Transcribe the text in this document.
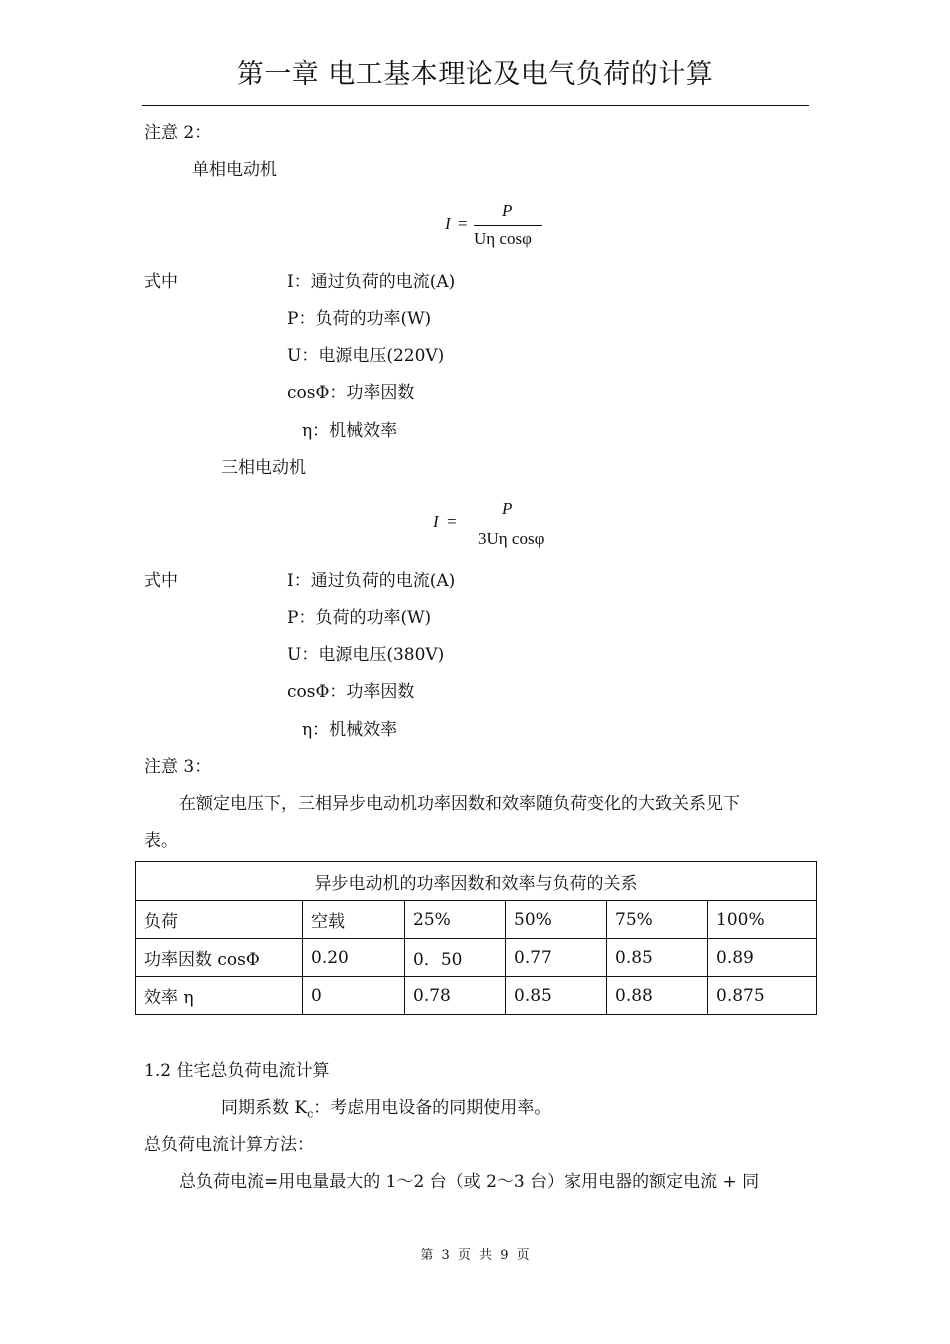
第一章 电工基本理论及电气负荷的计算
注意 2：
单相电动机
I =
P
Uη cosφ
式中	I：通过负荷的电流(A)
P：负荷的功率(W)
U：电源电压(220V)
cosΦ：功率因数
η：机械效率
三相电动机
I =
P
3Uη cosφ
式中	I：通过负荷的电流(A)
P：负荷的功率(W)
U：电源电压(380V)
cosΦ：功率因数
η：机械效率
注意 3：
在额定电压下，三相异步电动机功率因数和效率随负荷变化的大致关系见下
表。
异步电动机的功率因数和效率与负荷的关系					
负荷	空载	25%	50%	75%	100%
功率因数 cosΦ	0.20	0．50	0.77	0.85	0.89
效率 η	0	0.78	0.85	0.88	0.875
1.2 住宅总负荷电流计算
同期系数 $K_c$：考虑用电设备的同期使用率。
总负荷电流计算方法：
总负荷电流=用电量最大的 1～2 台（或 2～3 台）家用电器的额定电流 + 同
第 3 页 共 9 页
